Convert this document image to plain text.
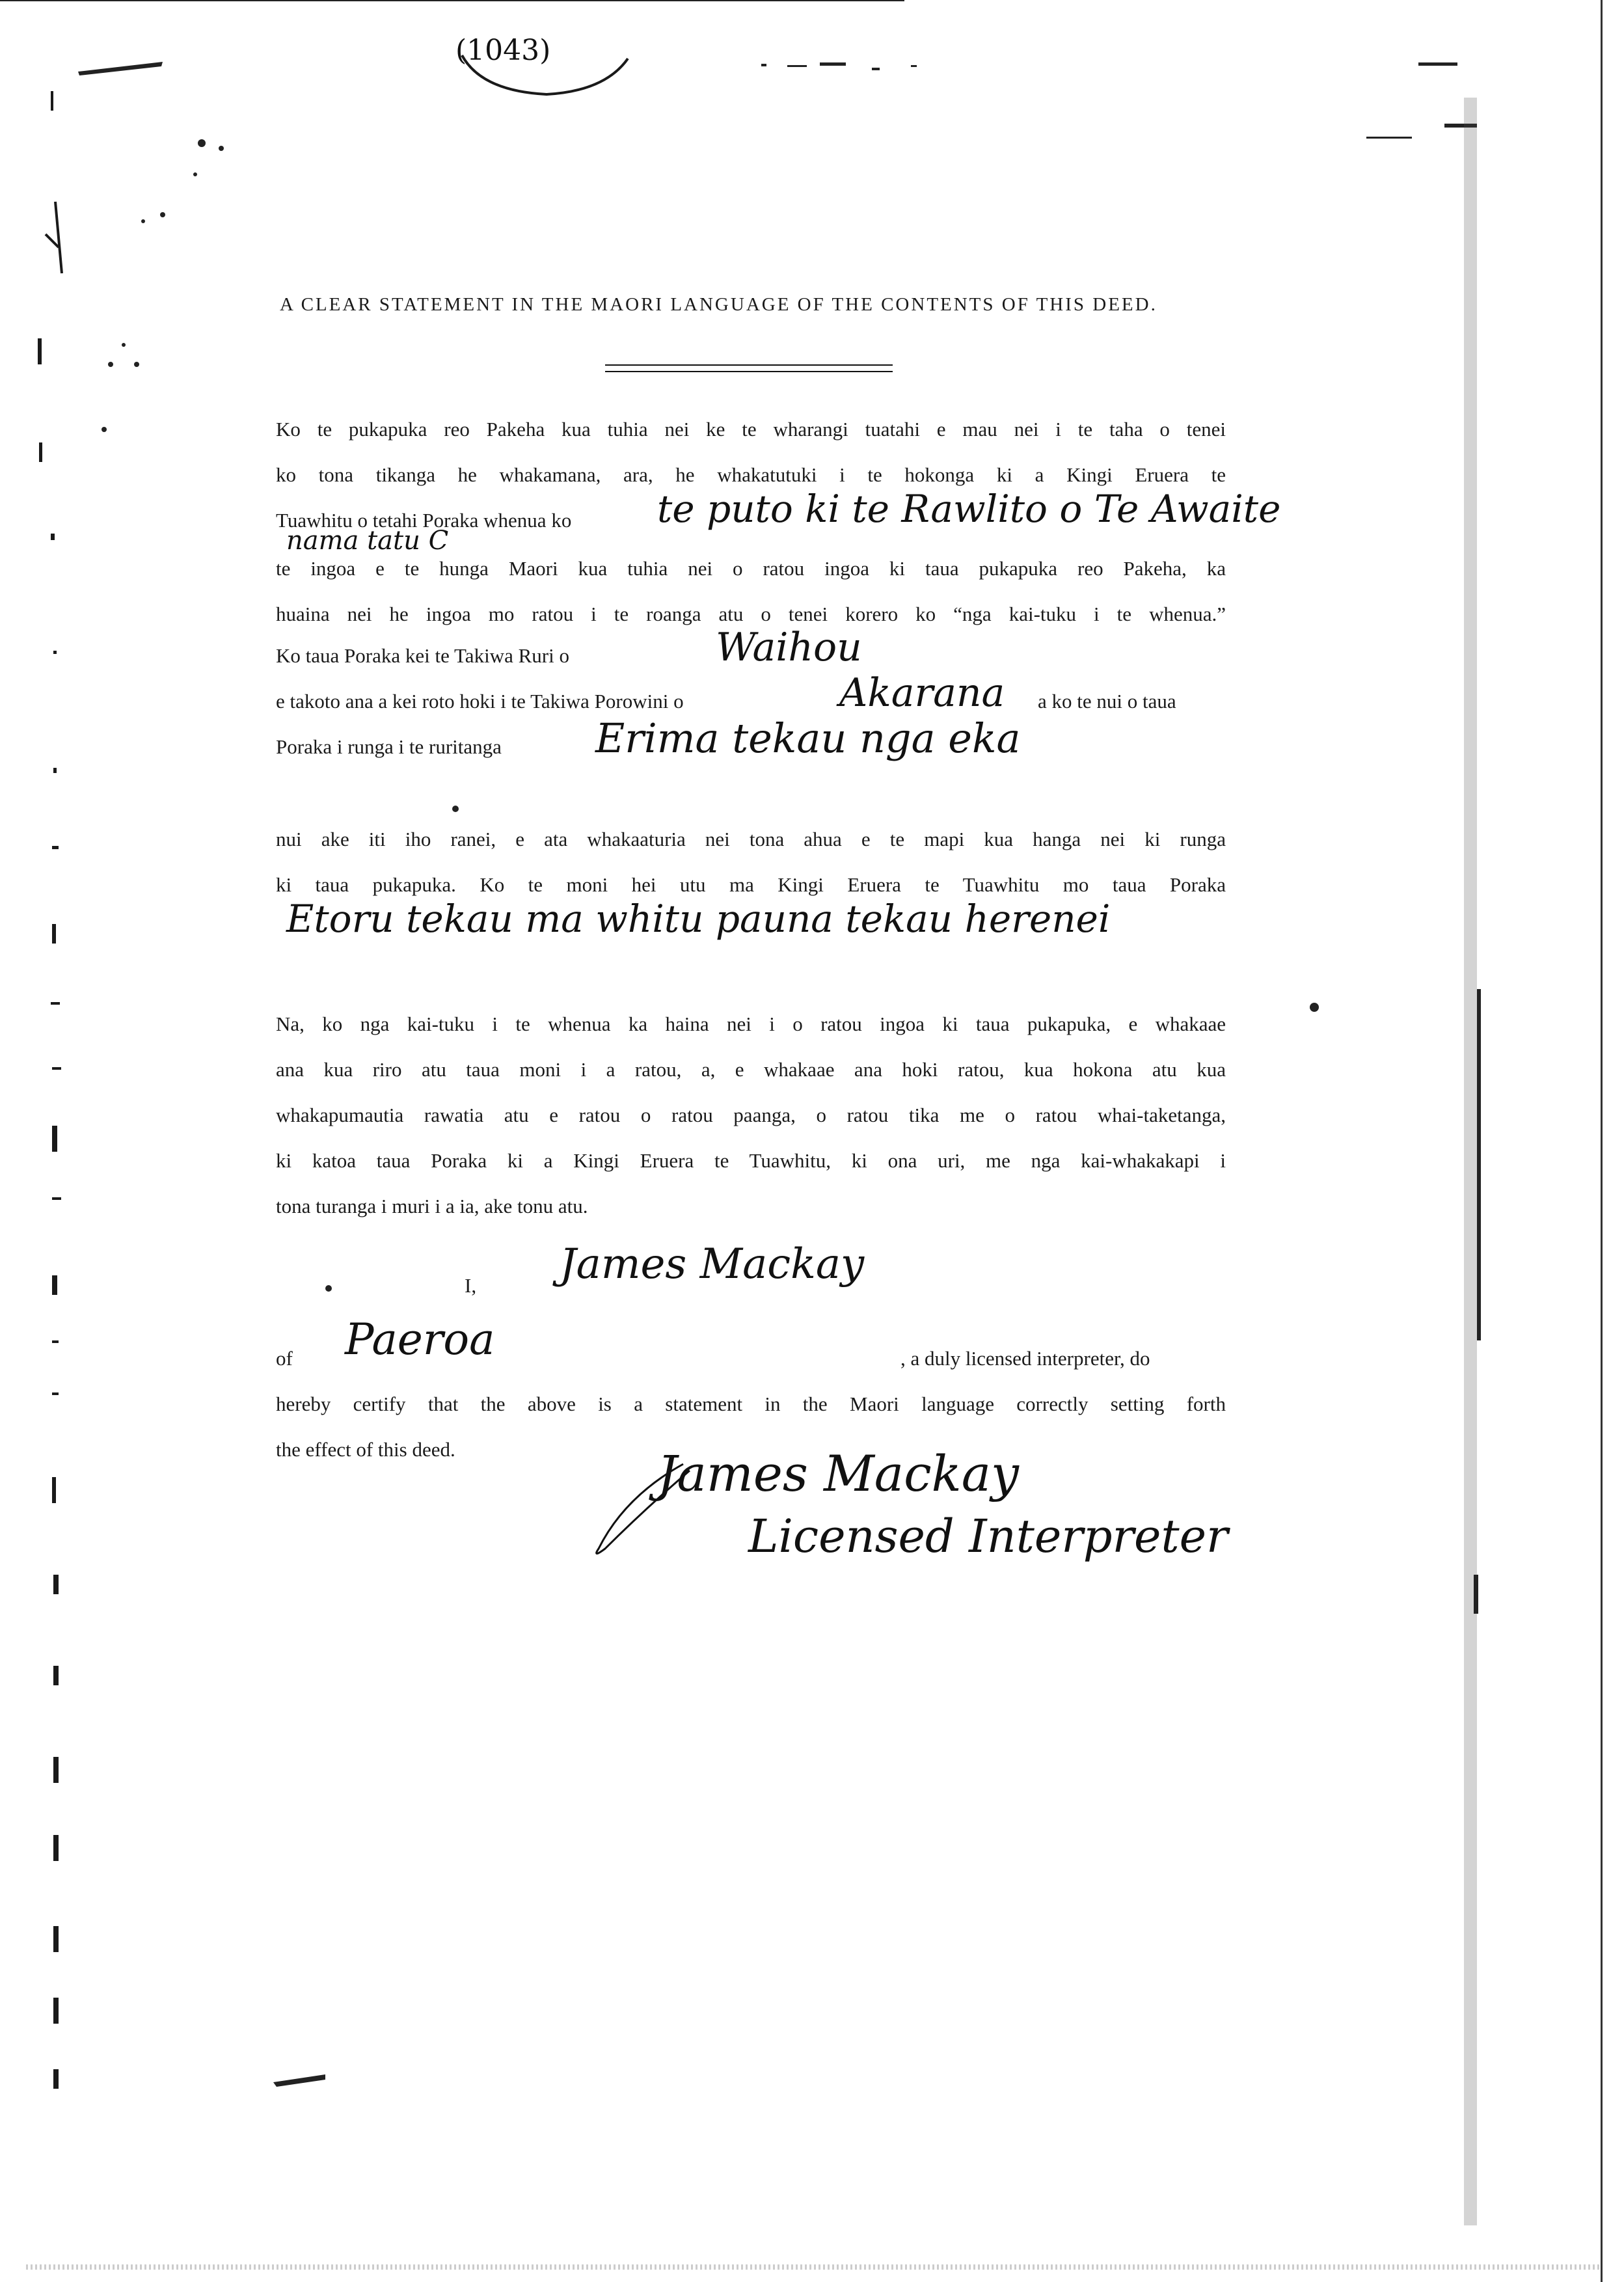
(1043)
A CLEAR STATEMENT IN THE MAORI LANGUAGE OF THE CONTENTS OF THIS DEED.
Ko te pukapuka reo Pakeha kua tuhia nei ke te wharangi tuatahi e mau nei i te taha o tenei
ko tona tikanga he whakamana, ara, he whakatutuki i te hokonga ki a Kingi Eruera te
Tuawhitu o tetahi Poraka whenua ko	te puto ki te Rawlito o Te Awaite
nama tatu C
te ingoa e te hunga Maori kua tuhia nei o ratou ingoa ki taua pukapuka reo Pakeha, ka
huaina nei he ingoa mo ratou i te roanga atu o tenei korero ko “nga kai-tuku i te whenua.”
Ko taua Poraka kei te Takiwa Ruri o	Waihou
e takoto ana a kei roto hoki i te Takiwa Porowini o	Akarana a ko te nui o taua
Poraka i runga i te ruritanga	Erima tekau nga eka
nui ake iti iho ranei, e ata whakaaturia nei tona ahua e te mapi kua hanga nei ki runga
ki taua pukapuka. Ko te moni hei utu ma Kingi Eruera te Tuawhitu mo taua Poraka
Etoru tekau ma whitu pauna tekau herenei
Na, ko nga kai-tuku i te whenua ka haina nei i o ratou ingoa ki taua pukapuka, e whakaae
ana kua riro atu taua moni i a ratou, a, e whakaae ana hoki ratou, kua hokona atu kua
whakapumautia rawatia atu e ratou o ratou paanga, o ratou tika me o ratou whai-taketanga,
ki katoa taua Poraka ki a Kingi Eruera te Tuawhitu, ki ona uri, me nga kai-whakakapi i
tona turanga i muri i a ia, ake tonu atu.
I, James Mackay
of Paeroa	, a duly licensed interpreter, do
hereby certify that the above is a statement in the Maori language correctly setting forth
the effect of this deed.	James Mackay
Licensed Interpreter
